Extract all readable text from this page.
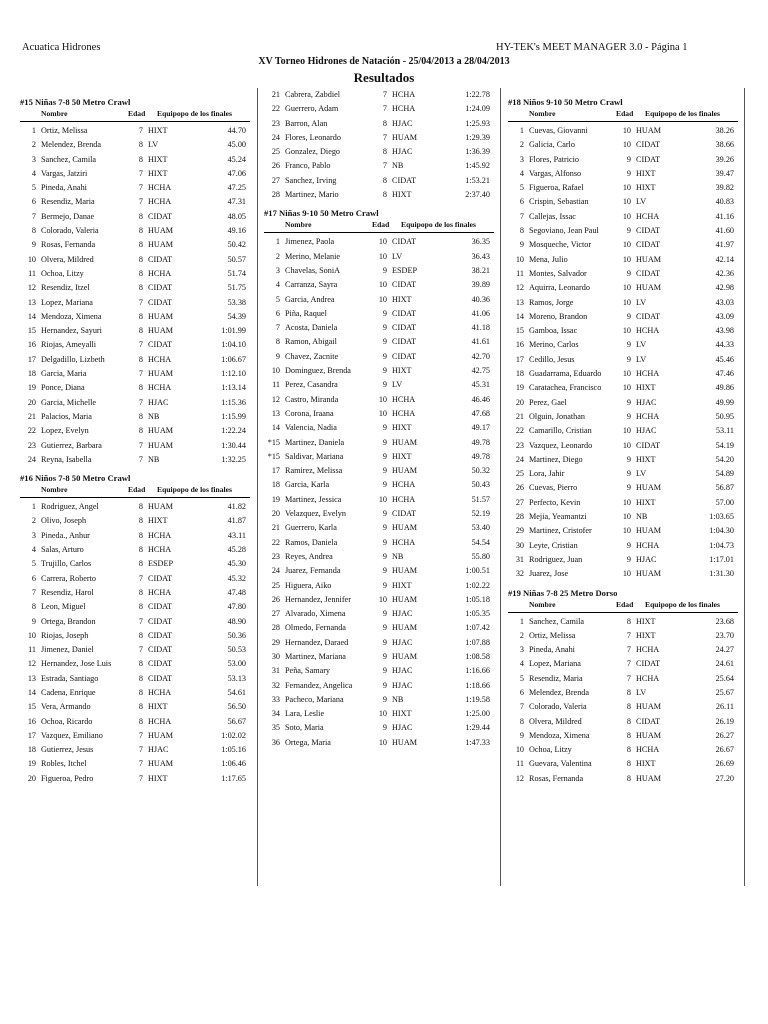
Acuatica Hidrones	HY-TEK's MEET MANAGER 3.0 - Página 1
XV Torneo Hidrones de Natación - 25/04/2013 a 28/04/2013
Resultados
#15 Niñas 7-8 50 Metro Crawl
Nombre	Edad Equipopo de los finales
1 Ortiz, Melissa	7 HIXT	44.70
2 Melendez, Brenda	8 LV	45.00
3 Sanchez, Camila	8 HIXT	45.24
4 Vargas, Jatziri	7 HIXT	47.06
5 Pineda, Anahi	7 HCHA	47.25
6 Resendiz, Maria	7 HCHA	47.31
7 Bermejo, Danae	8 CIDAT	48.05
8 Colorado, Valeria	8 HUAM	49.16
9 Rosas, Fernanda	8 HUAM	50.42
10 Olvera, Mildred	8 CIDAT	50.57
11 Ochoa, Litzy	8 HCHA	51.74
12 Resendiz, Itzel	8 CIDAT	51.75
13 Lopez, Mariana	7 CIDAT	53.38
14 Mendoza, Ximena	8 HUAM	54.39
15 Hernandez, Sayuri	8 HUAM	1:01.99
16 Riojas, Ameyalli	7 CIDAT	1:04.10
17 Delgadillo, Lizbeth	8 HCHA	1:06.67
18 Garcia, Maria	7 HUAM	1:12.10
19 Ponce, Diana	8 HCHA	1:13.14
20 Garcia, Michelle	7 HJAC	1:15.36
21 Palacios, Maria	8 NB	1:15.99
22 Lopez, Evelyn	8 HUAM	1:22.24
23 Gutierrez, Barbara	7 HUAM	1:30.44
24 Reyna, Isabella	7 NB	1:32.25
#16 Niños 7-8 50 Metro Crawl
Nombre	Edad Equipopo de los finales
1 Rodriguez, Angel	8 HUAM	41.82
2 Olivo, Joseph	8 HIXT	41.87
3 Pineda., Anhur	8 HCHA	43.11
4 Salas, Arturo	8 HCHA	45.28
5 Trujillo, Carlos	8 ESDEP	45.30
6 Carrera, Roberto	7 CIDAT	45.32
7 Resendiz, Harol	8 HCHA	47.48
8 Leon, Miguel	8 CIDAT	47.80
9 Ortega, Brandon	7 CIDAT	48.90
10 Riojas, Joseph	8 CIDAT	50.36
11 Jimenez, Daniel	7 CIDAT	50.53
12 Hernandez, Jose Luis	8 CIDAT	53.00
13 Estrada, Santiago	8 CIDAT	53.13
14 Cadena, Enrique	8 HCHA	54.61
15 Vera, Armando	8 HIXT	56.50
16 Ochoa, Ricardo	8 HCHA	56.67
17 Vazquez, Emiliano	7 HUAM	1:02.02
18 Gutierrez, Jesus	7 HJAC	1:05.16
19 Robles, Itchel	7 HUAM	1:06.46
20 Figueroa, Pedro	7 HIXT	1:17.65
21 Cabrera, Zabdiel	7 HCHA	1:22.78
22 Guerrero, Adam	7 HCHA	1:24.09
23 Barron, Alan	8 HJAC	1:25.93
24 Flores, Leonardo	7 HUAM	1:29.39
25 Gonzalez, Diego	8 HJAC	1:36.39
26 Franco, Pablo	7 NB	1:45.92
27 Sanchez, Irving	8 CIDAT	1:53.21
28 Martinez, Mario	8 HIXT	2:37.40
#17 Niñas 9-10 50 Metro Crawl
Nombre	Edad Equipopo de los finales
1 Jimenez, Paola	10 CIDAT	36.35
2 Merino, Melanie	10 LV	36.43
3 Chavelas, SoniA	9 ESDEP	38.21
4 Carranza, Sayra	10 CIDAT	39.89
5 Garcia, Andrea	10 HIXT	40.36
6 Piña, Raquel	9 CIDAT	41.06
7 Acosta, Daniela	9 CIDAT	41.18
8 Ramon, Abigail	9 CIDAT	41.61
9 Chavez, Zacnite	9 CIDAT	42.70
10 Dominguez, Brenda	9 HIXT	42.75
11 Perez, Casandra	9 LV	45.31
12 Castro, Miranda	10 HCHA	46.46
13 Corona, Iraana	10 HCHA	47.68
14 Valencia, Nadia	9 HIXT	49.17
*15 Martinez, Daniela	9 HUAM	49.78
*15 Saldivar, Mariana	9 HIXT	49.78
17 Ramirez, Melissa	9 HUAM	50.32
18 Garcia, Karla	9 HCHA	50.43
19 Martinez, Jessica	10 HCHA	51.57
20 Velazquez, Evelyn	9 CIDAT	52.19
21 Guerrero, Karla	9 HUAM	53.40
22 Ramos, Daniela	9 HCHA	54.54
23 Reyes, Andrea	9 NB	55.80
24 Juarez, Fernanda	9 HUAM	1:00.51
25 Higuera, Aiko	9 HIXT	1:02.22
26 Hernandez, Jennifer	10 HUAM	1:05.18
27 Alvarado, Ximena	9 HJAC	1:05.35
28 Olmedo, Fernanda	9 HUAM	1:07.42
29 Hernandez, Daraed	9 HJAC	1:07.88
30 Martinez, Mariana	9 HUAM	1:08.58
31 Peña, Samary	9 HJAC	1:16.66
32 Fernandez, Angelica	9 HJAC	1:18.66
33 Pacheco, Mariana	9 NB	1:19.58
34 Lara, Leslie	10 HIXT	1:25.00
35 Soto, Maria	9 HJAC	1:29.44
36 Ortega, Maria	10 HUAM	1:47.33
#18 Niños 9-10 50 Metro Crawl
Nombre	Edad Equipopo de los finales
1 Cuevas, Giovanni	10 HUAM	38.26
2 Galicia, Carlo	10 CIDAT	38.66
3 Flores, Patricio	9 CIDAT	39.26
4 Vargas, Alfonso	9 HIXT	39.47
5 Figueroa, Rafael	10 HIXT	39.82
6 Crispin, Sebastian	10 LV	40.83
7 Callejas, Issac	10 HCHA	41.16
8 Segoviano, Jean Paul	9 CIDAT	41.60
9 Mosqueche, Victor	10 CIDAT	41.97
10 Mena, Julio	10 HUAM	42.14
11 Montes, Salvador	9 CIDAT	42.36
12 Aquirra, Leonardo	10 HUAM	42.98
13 Ramos, Jorge	10 LV	43.03
14 Moreno, Brandon	9 CIDAT	43.09
15 Gamboa, Issac	10 HCHA	43.98
16 Merino, Carlos	9 LV	44.33
17 Cedillo, Jesus	9 LV	45.46
18 Guadarrama, Eduardo	10 HCHA	47.46
19 Caratachea, Francisco	10 HIXT	49.86
20 Perez, Gael	9 HJAC	49.99
21 Olguin, Jonathan	9 HCHA	50.95
22 Camarillo, Cristian	10 HJAC	53.11
23 Vazquez, Leonardo	10 CIDAT	54.19
24 Martinez, Diego	9 HIXT	54.20
25 Lora, Jahir	9 LV	54.89
26 Cuevas, Pierro	9 HUAM	56.87
27 Perfecto, Kevin	10 HIXT	57.00
28 Mejia, Yeamantzi	10 NB	1:03.65
29 Martinez, Cristofer	10 HUAM	1:04.30
30 Leyte, Cristian	9 HCHA	1:04.73
31 Rodriguez, Juan	9 HJAC	1:17.01
32 Juarez, Jose	10 HUAM	1:31.30
#19 Niñas 7-8 25 Metro Dorso
Nombre	Edad Equipopo de los finales
1 Sanchez, Camila	8 HIXT	23.68
2 Ortiz, Melissa	7 HIXT	23.70
3 Pineda, Anahi	7 HCHA	24.27
4 Lopez, Mariana	7 CIDAT	24.61
5 Resendiz, Maria	7 HCHA	25.64
6 Melendez, Brenda	8 LV	25.67
7 Colorado, Valeria	8 HUAM	26.11
8 Olvera, Mildred	8 CIDAT	26.19
9 Mendoza, Ximena	8 HUAM	26.27
10 Ochoa, Litzy	8 HCHA	26.67
11 Guevara, Valentina	8 HIXT	26.69
12 Rosas, Fernanda	8 HUAM	27.20
